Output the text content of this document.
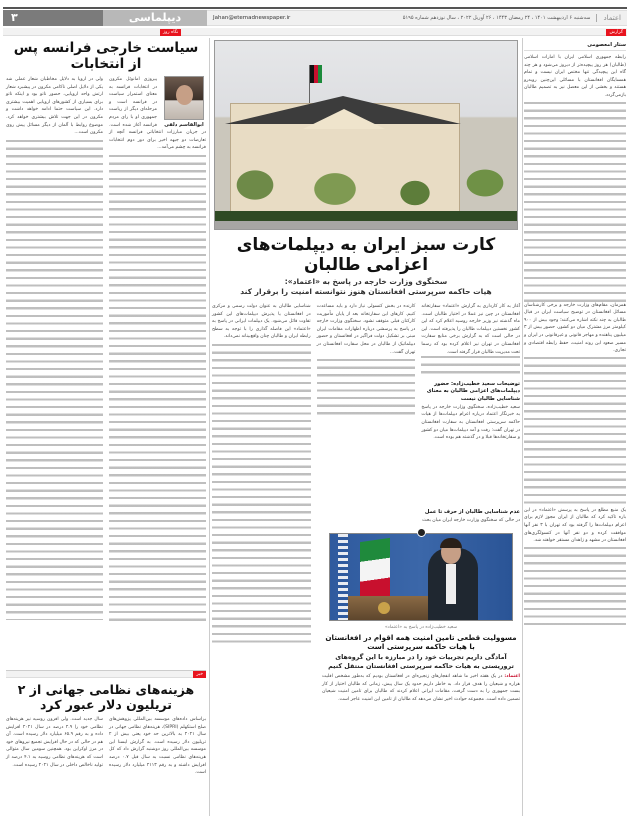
۳	دیپلماسی	Jahan@etemadnewspaper.ir	اعتماد
سه‌شنبه ۶ اردیبهشت ۱۴۰۱ ، ۲۴ رمضان ۱۴۴۳ ، ۲۶ آوریل ۲۰۲۲ ، سال نوزدهم شماره ۵۱۹۵
نگاه روز	گزارش
سیاست خارجی فرانسه پس از انتخابات
ابوالقاسم دلفی

پیروزی امانوئل مکرون در انتخابات فرانسه به معنای استمرار سیاست در فرانسه است و مرحله‌ای دیگر از ریاست جمهوری او با رای مردم فرانسه آغاز شده است. در جریان مبارزات انتخاباتی فرانسه آنچه از تعارضات دو جبهه اخیر برای دور دوم انتخابات فرانسه به چشم می‌آمد...

ولی در اروپا به دلایل مخاطبان شعار عملی شد یکی از دلایل اصلی ناکامی مکرون در پیشبرد شعار ارتش واحد اروپایی، حضور ناتو بود و اینکه ناتو برای بسیاری از کشورهای اروپایی اهمیت بیشتری دارد. این سیاست حتما ادامه خواهد داشت و مکرون در این جهت تلاش بیشتری خواهد کرد. موضوع روابط با آلمان از دیگر مسائل پیش روی مکرون است...

خبر
هزینه‌های نظامی جهانی از ۲ تریلیون دلار عبور کرد

براساس داده‌های موسسه بین‌المللی پژوهش‌های صلح استکهلم (SIPRI)، هزینه‌های نظامی جهانی در سال ۲۰۲۱ به بالاترین حد خود یعنی بیش از ۲ تریلیون دلار رسیده است. به گزارش ایسنا این موسسه بین‌المللی روز دوشنبه گزارش داد که کل هزینه‌های نظامی نسبت به سال قبل ۰.۷ درصد افزایش داشته و به رقم ۲۱۱۳ میلیارد دلار رسیده است.

سال جدید است. ولی افزون روسیه نیز هزینه‌های نظامی خود را ۲.۹ درصد در سال ۲۰۲۱ افزایش داده و به رقم ۶۵.۹ میلیارد دلار رسیده است. آن هم در حالی که در حال افزایش تجمیع نیروهای خود در مرز اوکراین بود. همچنین سومین سال متوالی است که هزینه‌های نظامی روسیه به ۴.۱ درصد از تولید ناخالص داخلی در سال ۲۰۲۱ رسیده است.

کارت سبز ایران به دیپلمات‌های اعزامی طالبان
سخنگوی وزارت خارجه در پاسخ به «اعتماد»:
هیات حاکمه سرپرستی افغانستان هنوز نتوانسته امنیت را برقرار کند

آغاز به کار کارداری به گزارش «اعتماد» سفارتخانه افغانستان در چین نیز عملا در اختیار طالبان است. ماه گذشته نیز وزیر خارجه روسیه اعلام کرد که این کشور نخستین دیپلمات طالبان را پذیرفته است. این در حالی است که به گزارش برخی منابع سفارت افغانستان در تهران نیز اعلام کرده بود که رسما تحت مدیریت طالبان قرار گرفته است.

توضیحات سعید خطیب‌زاده: حضور دیپلمات‌های اعزامی طالبان به معنای شناسایی طالبان نیست

سعید خطیب‌زاده، سخنگوی وزارت خارجه در پاسخ به خبرنگار اعتماد درباره اعزام دیپلمات‌ها از هیات حاکمه سرپرستی افغانستان به سفارت افغانستان در تهران گفت: رفت و آمد دیپلمات‌ها میان دو کشور و سفارتخانه‌ها قبلا و در گذشته هم بوده است.

کارنده در بخش کنسولی نیاز دارد و باید مساعدت کنیم. کارهای این سفارتخانه بعد از پایان مأموریت کارکنان قبلی متوقف نشود. سخنگوی وزارت خارجه در پاسخ به پرسشی درباره اظهارات مقامات ایران مبنی بر تشکیل دولت فراگیر در افغانستان و حضور دیپلماتیک از طالبان در محل سفارت افغانستان در تهران گفت...

شناسایی طالبان به عنوان دولت رسمی و مرکزی در افغانستان یا پذیرش دیپلمات‌های این کشور تفاوت قائل می‌شود. یک دیپلمات ایرانی در پاسخ به «اعتماد» این فاصله گذاری را با توجه به سطح رابطه ایران و طالبان چنان واقع‌بینانه نمی‌داند.

عدم شناسایی طالبان از حرف تا عمل

در حالی که سخنگوی وزارت خارجه ایران میان بحث

سعید خطیب‌زاده در پاسخ به «اعتماد»

مسوولیت قطعی تامین امنیت همه اقوام در افغانستان با هیات حاکمه سرپرستی است
آمادگی داریم تجربیات خود را در مبارزه با این گروه‌های تروریستی به هیات حاکمه سرپرستی افغانستان منتقل کنیم

اعتماد: در یک هفته اخیر ما شاهد انفجارهای زنجیره‌ای در افغانستان بودیم که به‌طور مشخص اقلیت هزاره و شیعیان را هدف قرار داد. به خاطر داریم حدود یک سال پیش، زمانی که طالبان اختیار از کار بست جمهوری را به دست گرفت، مقامات ایرانی اعلام کردند که طالبان برای تامین امنیت شیعیان تضمین داده است. مجموعه حوادث اخیر نشان می‌دهد که طالبان از تامین این امنیت عاجز است.

ستار امعصومی

رابطه جمهوری اسلامی ایران با امارات اسلامی (طالبان) هر روز پیچیده‌تر از دیروز می‌شود و هر چند گاه این پیچیدگی تنها مختص ایران نیست و تمام همسایگان افغانستان با مسائلی این‌چنین روبه‌رو هستند و بخشی از این معضل نیز به تصمیم طالبان بازمی‌گردد.

همزمان، مقام‌های وزارت خارجه و برخی کارشناسان مسائل افغانستان در توضیح سیاست ایران در قبال طالبان به چند نکته اشاره می‌کنند؛ وجود بیش از ۹۰۰ کیلومتر مرز مشترک میان دو کشور، حضور بیش از ۳ میلیون پناهنده و مهاجر قانونی و غیرقانونی در ایران و مسیر صعود این روند امنیت، حفظ رابطه اقتصادی و تجاری.

یک منبع مطلع در پاسخ به پرسش «اعتماد» در این باره تاکید کرد که طالبان از ایران مجوز لازم برای اعزام دیپلمات‌ها را گرفته بود که تهران با ۳ نفر آنها موافقت کرده و دو نفر آنها در کنسولگری‌های افغانستان در مشهد و زاهدان مستقر خواهند شد.
